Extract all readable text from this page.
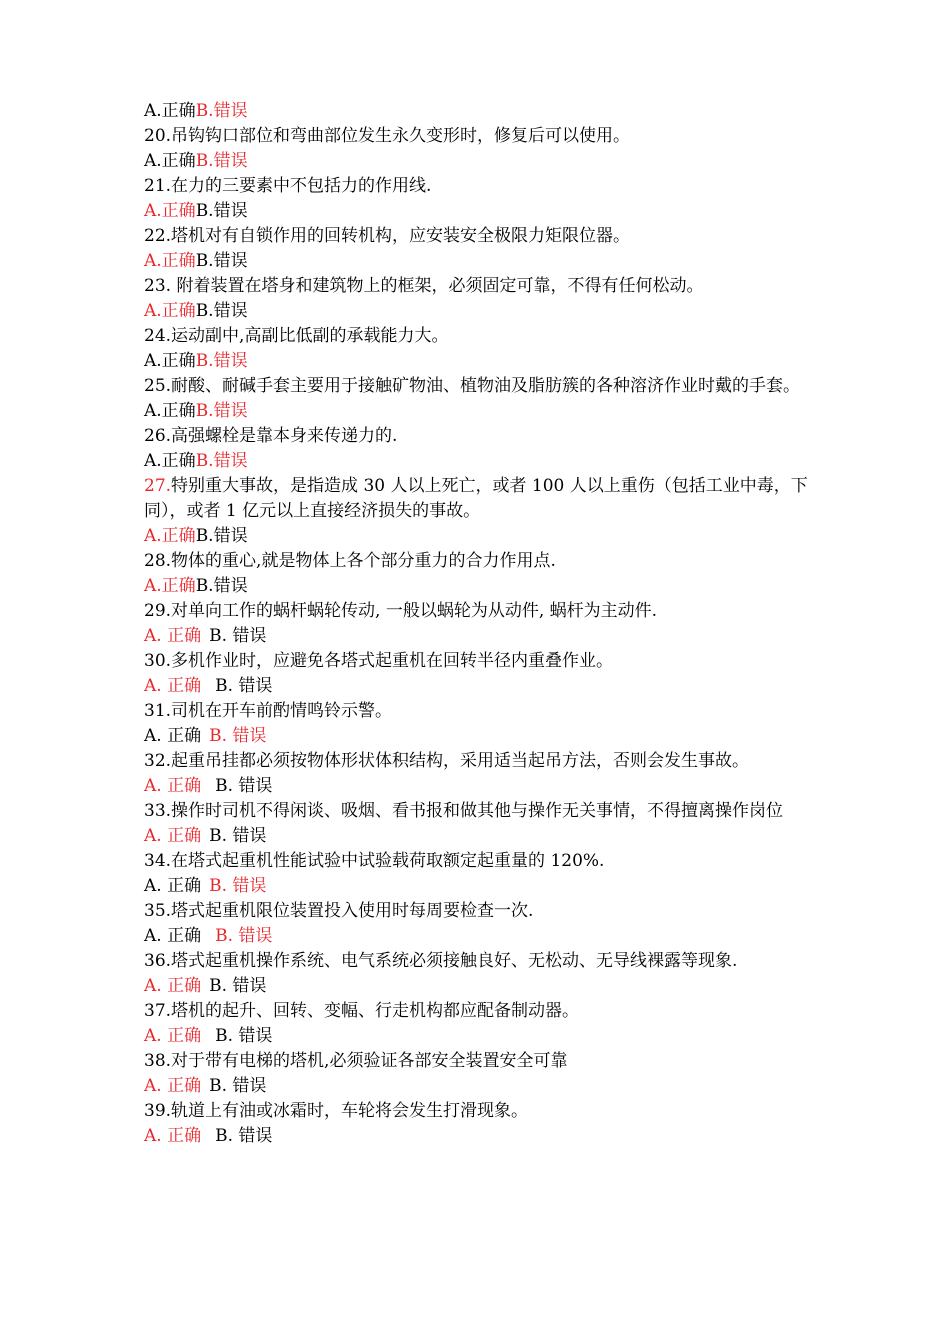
A.正确B.错误
20.吊钩钩口部位和弯曲部位发生永久变形时，修复后可以使用。
A.正确B.错误
21.在力的三要素中不包括力的作用线.
A.正确B.错误
22.塔机对有自锁作用的回转机构，应安装安全极限力矩限位器。
A.正确B.错误
23. 附着装置在塔身和建筑物上的框架，必须固定可靠，不得有任何松动。
A.正确B.错误
24.运动副中,高副比低副的承载能力大。
A.正确B.错误
25.耐酸、耐碱手套主要用于接触矿物油、植物油及脂肪簇的各种溶济作业时戴的手套。
A.正确B.错误
26.高强螺栓是靠本身来传递力的.
A.正确B.错误
27.特别重大事故，是指造成 30 人以上死亡，或者 100 人以上重伤（包括工业中毒，下同），或者 1 亿元以上直接经济损失的事故。
A.正确B.错误
28.物体的重心,就是物体上各个部分重力的合力作用点.
A.正确B.错误
29.对单向工作的蜗杆蜗轮传动, 一般以蜗轮为从动件, 蜗杆为主动件.
A. 正确 B. 错误
30.多机作业时，应避免各塔式起重机在回转半径内重叠作业。
A. 正确 B. 错误
31.司机在开车前酌情鸣铃示警。
A. 正确 B. 错误
32.起重吊挂都必须按物体形状体积结构，采用适当起吊方法，否则会发生事故。
A. 正确 B. 错误
33.操作时司机不得闲谈、吸烟、看书报和做其他与操作无关事情，不得擅离操作岗位
A. 正确 B. 错误
34.在塔式起重机性能试验中试验载荷取额定起重量的 120%.
A. 正确 B. 错误
35.塔式起重机限位装置投入使用时每周要检查一次.
A. 正确 B. 错误
36.塔式起重机操作系统、电气系统必须接触良好、无松动、无导线裸露等现象.
A. 正确 B. 错误
37.塔机的起升、回转、变幅、行走机构都应配备制动器。
A. 正确 B. 错误
38.对于带有电梯的塔机,必须验证各部安全装置安全可靠
A. 正确 B. 错误
39.轨道上有油或冰霜时，车轮将会发生打滑现象。
A. 正确 B. 错误
